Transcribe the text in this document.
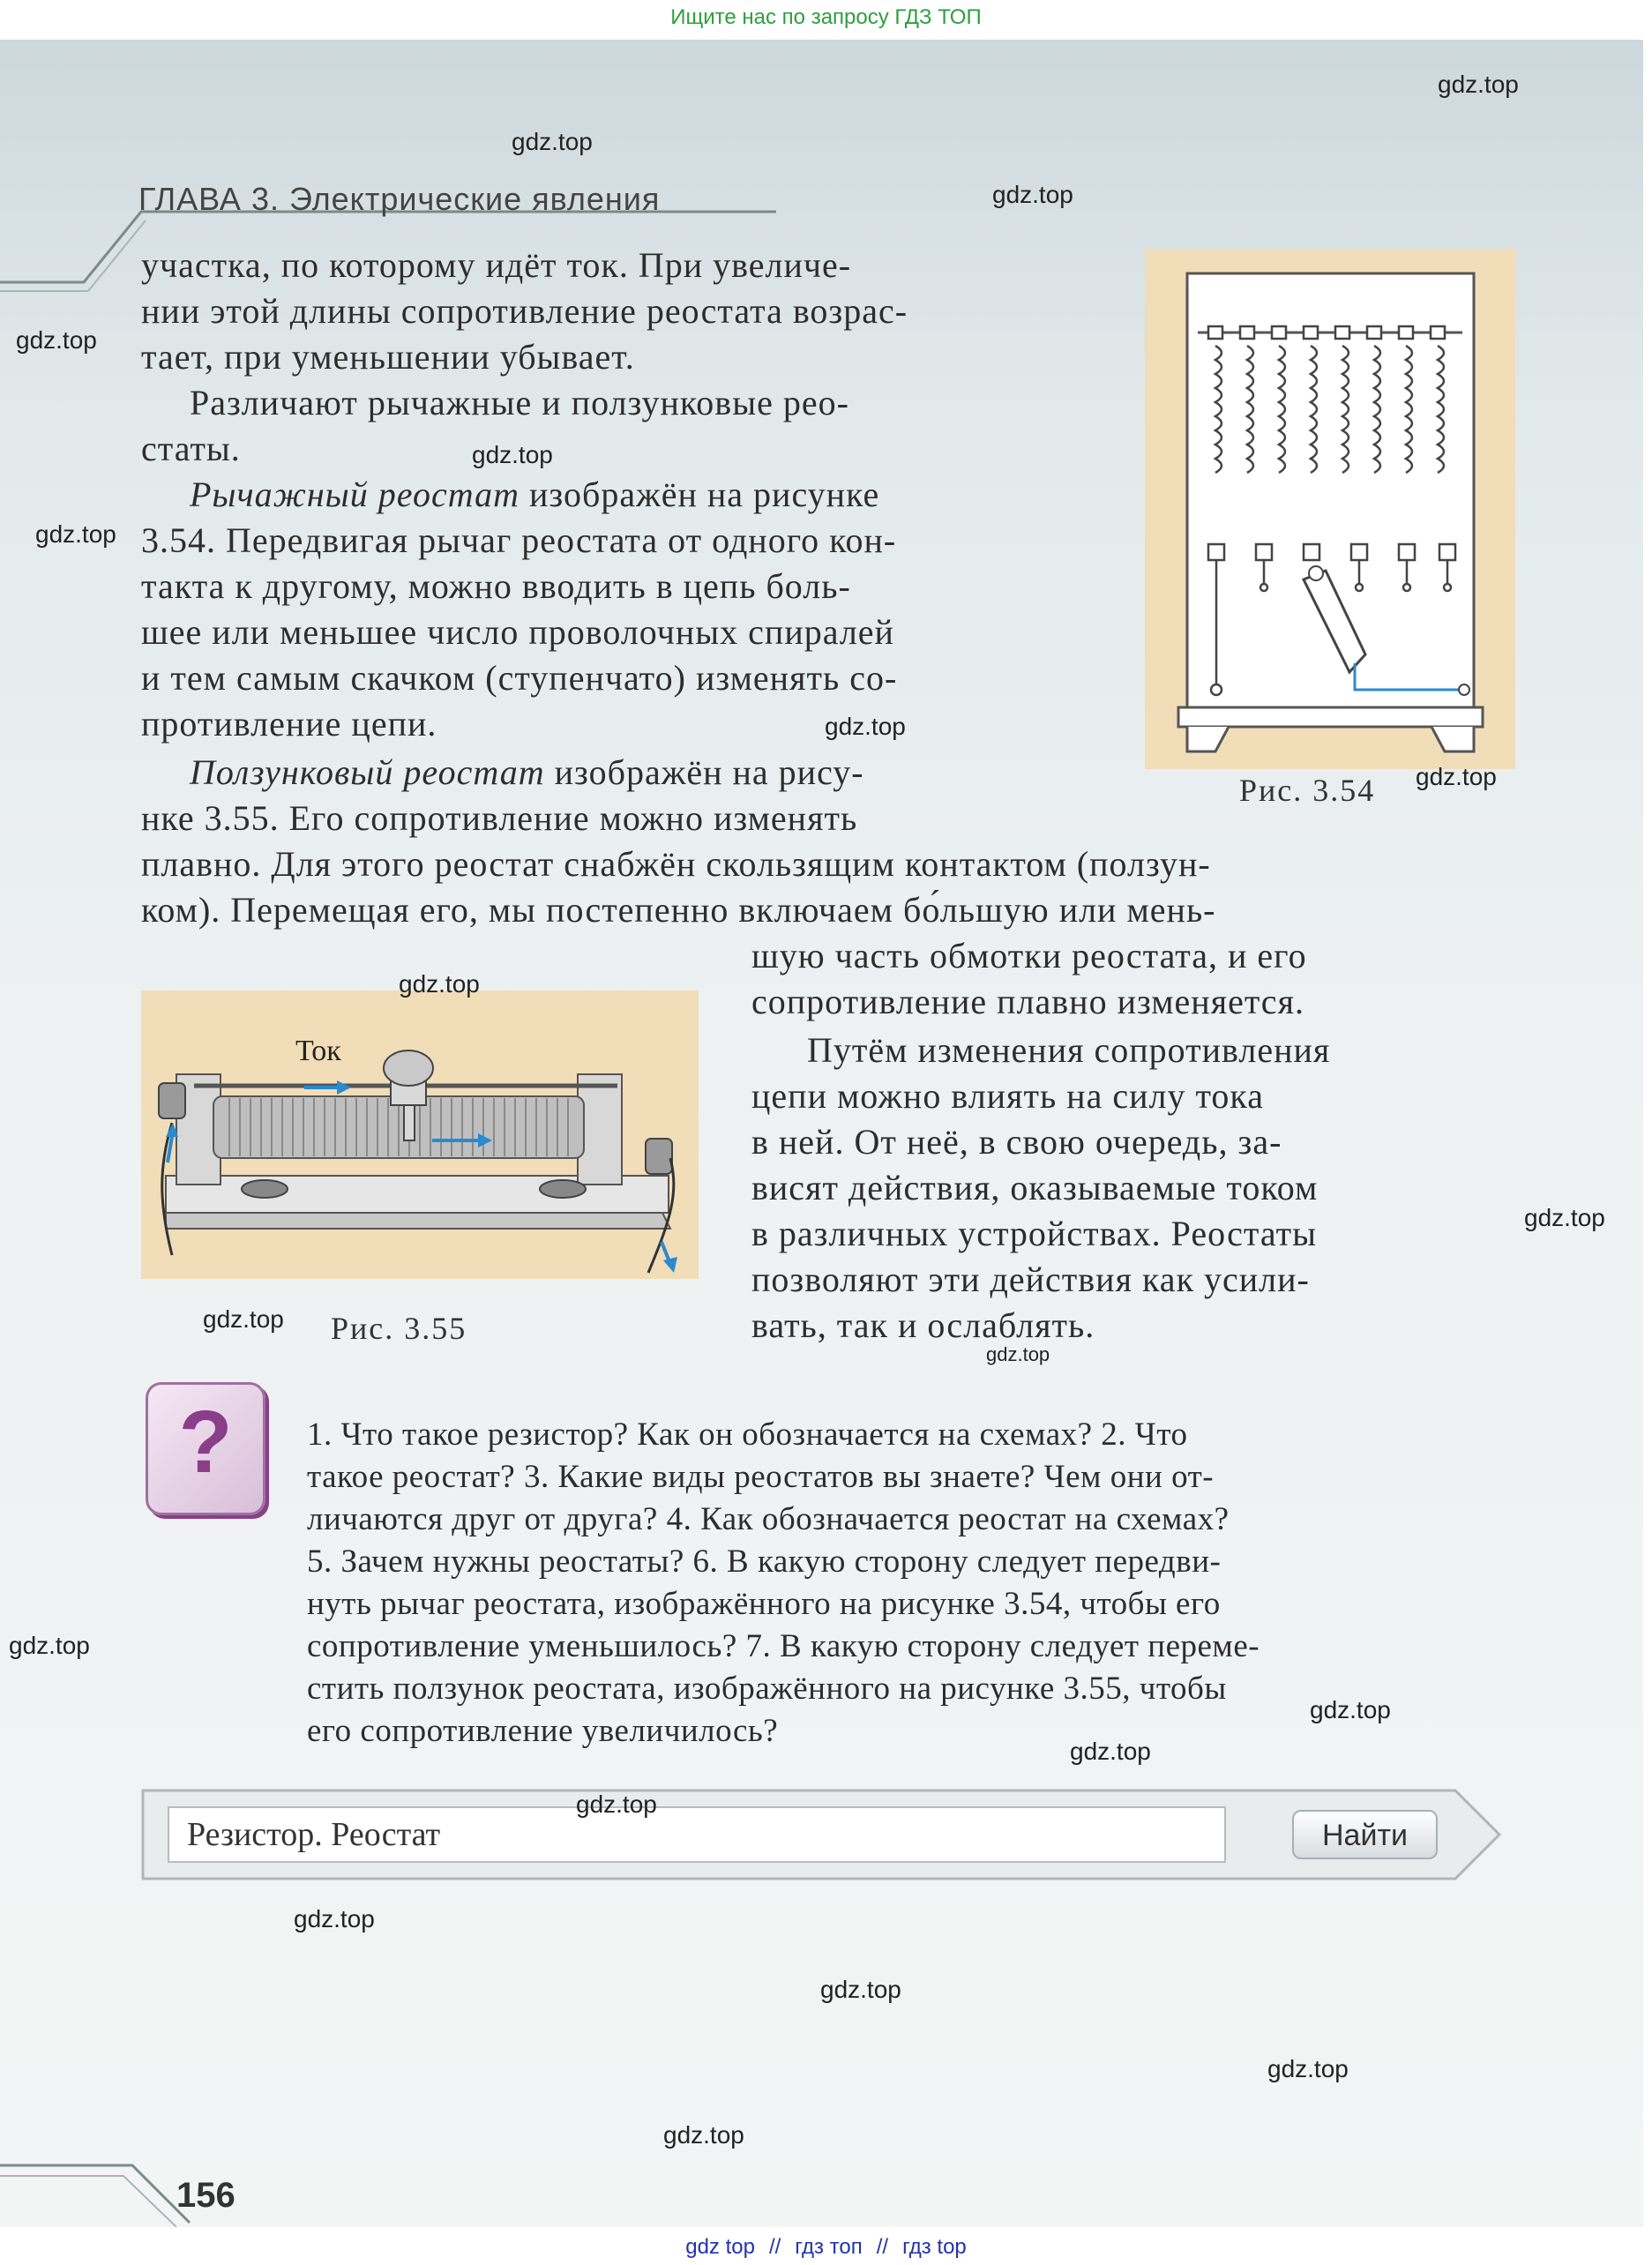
Ищите нас по запросу ГДЗ ТОП
ГЛАВА 3. Электрические явления
участка, по которому идёт ток. При увеличе-
нии этой длины сопротивление реостата возрас-
тает, при уменьшении убывает.
Различают рычажные и ползунковые рео-
статы.
Рычажный реостат изображён на рисунке
3.54. Передвигая рычаг реостата от одного кон-
такта к другому, можно вводить в цепь боль-
шее или меньшее число проволочных спиралей
и тем самым скачком (ступенчато) изменять со-
противление цепи.
Ползунковый реостат изображён на рису-
нке 3.55. Его сопротивление можно изменять
плавно. Для этого реостат снабжён скользящим контактом (ползун-
ком). Перемещая его, мы постепенно включаем бо́льшую или мень-
шую часть обмотки реостата, и его
сопротивление плавно изменяется.
Путём изменения сопротивления
цепи можно влиять на силу тока
в ней. От неё, в свою очередь, за-
висят действия, оказываемые током
в различных устройствах. Реостаты
позволяют эти действия как усили-
вать, так и ослаблять.
Рис. 3.54
Ток
Рис. 3.55
?	1. Что такое резистор? Как он обозначается на схемах? 2. Что
такое реостат? 3. Какие виды реостатов вы знаете? Чем они от-
личаются друг от друга? 4. Как обозначается реостат на схемах?
5. Зачем нужны реостаты? 6. В какую сторону следует передви-
нуть рычаг реостата, изображённого на рисунке 3.54, чтобы его
сопротивление уменьшилось? 7. В какую сторону следует переме-
стить ползунок реостата, изображённого на рисунке 3.55, чтобы
его сопротивление увеличилось?
Резистор. Реостат	Найти
156
gdz.top
gdz.top
gdz.top
gdz.top
gdz.top
gdz.top
gdz.top
gdz.top
gdz.top
gdz.top
gdz.top
gdz.top
gdz.top
gdz.top
gdz.top
gdz.top
gdz.top
gdz.top
gdz.top
gdz.top
gdz top // гдз топ // гдз top
